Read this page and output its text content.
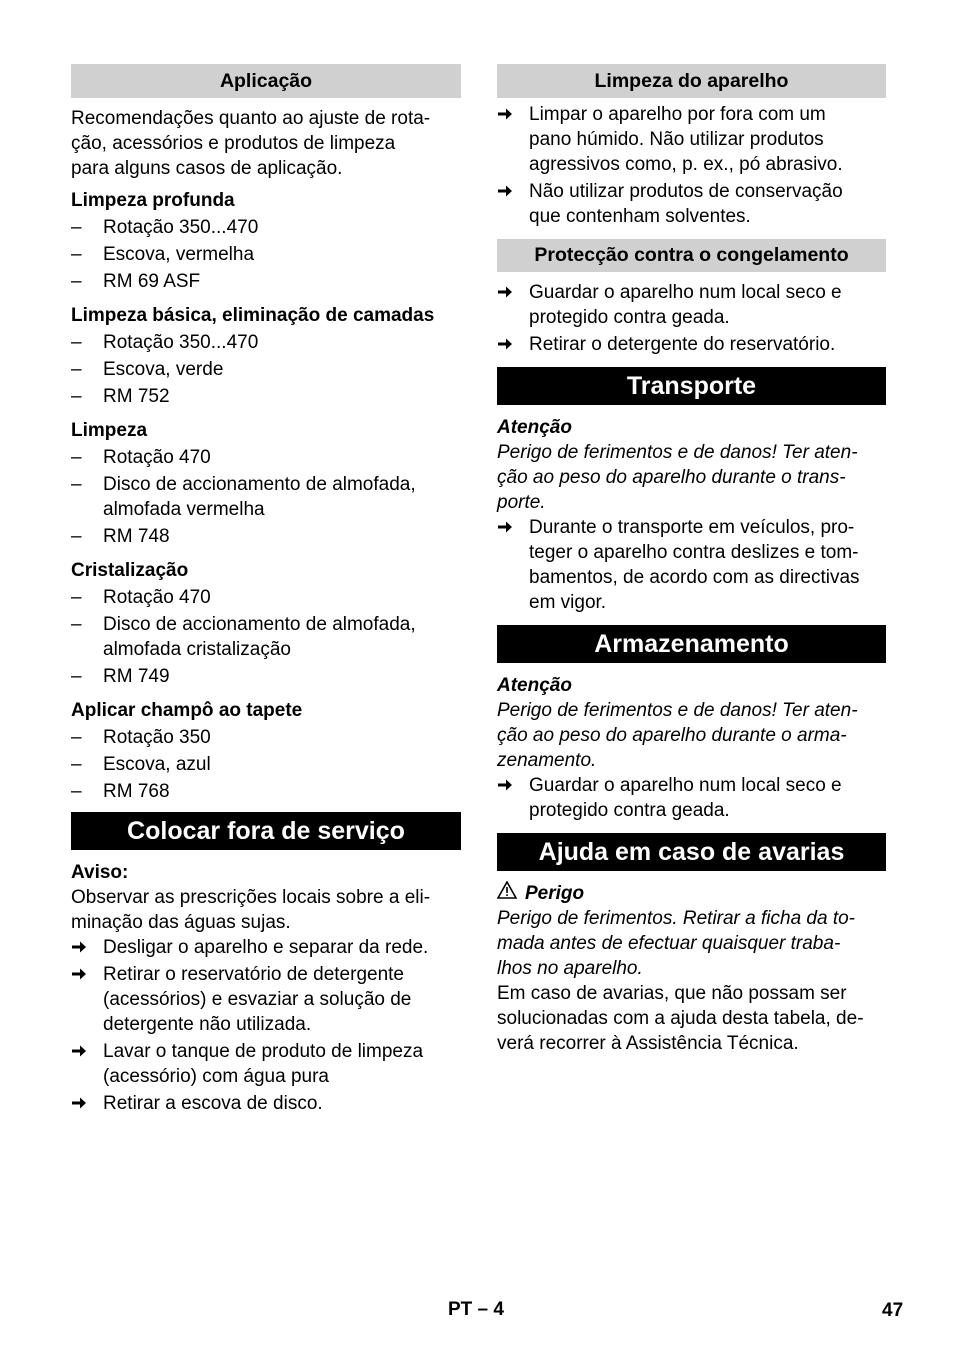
Aplicação

Recomendações quanto ao ajuste de rota-
ção, acessórios e produtos de limpeza
para alguns casos de aplicação.

Limpeza profunda

– Rotação 350...470
– Escova, vermelha
– RM 69 ASF

Limpeza básica, eliminação de camadas

– Rotação 350...470
– Escova, verde
– RM 752

Limpeza

– Rotação 470
– Disco de accionamento de almofada,
almofada vermelha
– RM 748

Cristalização

– Rotação 470
– Disco de accionamento de almofada,
almofada cristalização
– RM 749

Aplicar champô ao tapete

– Rotação 350
– Escova, azul
– RM 768
Colocar fora de serviço

Aviso:

Observar as prescrições locais sobre a eli-
minação das águas sujas.

Desligar o aparelho e separar da rede.
Retirar o reservatório de detergente
(acessórios) e esvaziar a solução de
detergente não utilizada.
Lavar o tanque de produto de limpeza
(acessório) com água pura
Retirar a escova de disco.
Limpeza do aparelho
Limpar o aparelho por fora com um
pano húmido. Não utilizar produtos
agressivos como, p. ex., pó abrasivo.
Não utilizar produtos de conservação
que contenham solventes.
Protecção contra o congelamento
Guardar o aparelho num local seco e
protegido contra geada.
Retirar o detergente do reservatório.
Transporte

Atenção

Perigo de ferimentos e de danos! Ter aten-
ção ao peso do aparelho durante o trans-
porte.

Durante o transporte em veículos, pro-
teger o aparelho contra deslizes e tom-
bamentos, de acordo com as directivas
em vigor.
Armazenamento

Atenção

Perigo de ferimentos e de danos! Ter aten-
ção ao peso do aparelho durante o arma-
zenamento.

Guardar o aparelho num local seco e
protegido contra geada.
Ajuda em caso de avarias

Perigo

Perigo de ferimentos. Retirar a ficha da to-
mada antes de efectuar quaisquer traba-
lhos no aparelho.

Em caso de avarias, que não possam ser
solucionadas com a ajuda desta tabela, de-
verá recorrer à Assistência Técnica.

PT – 4	47
